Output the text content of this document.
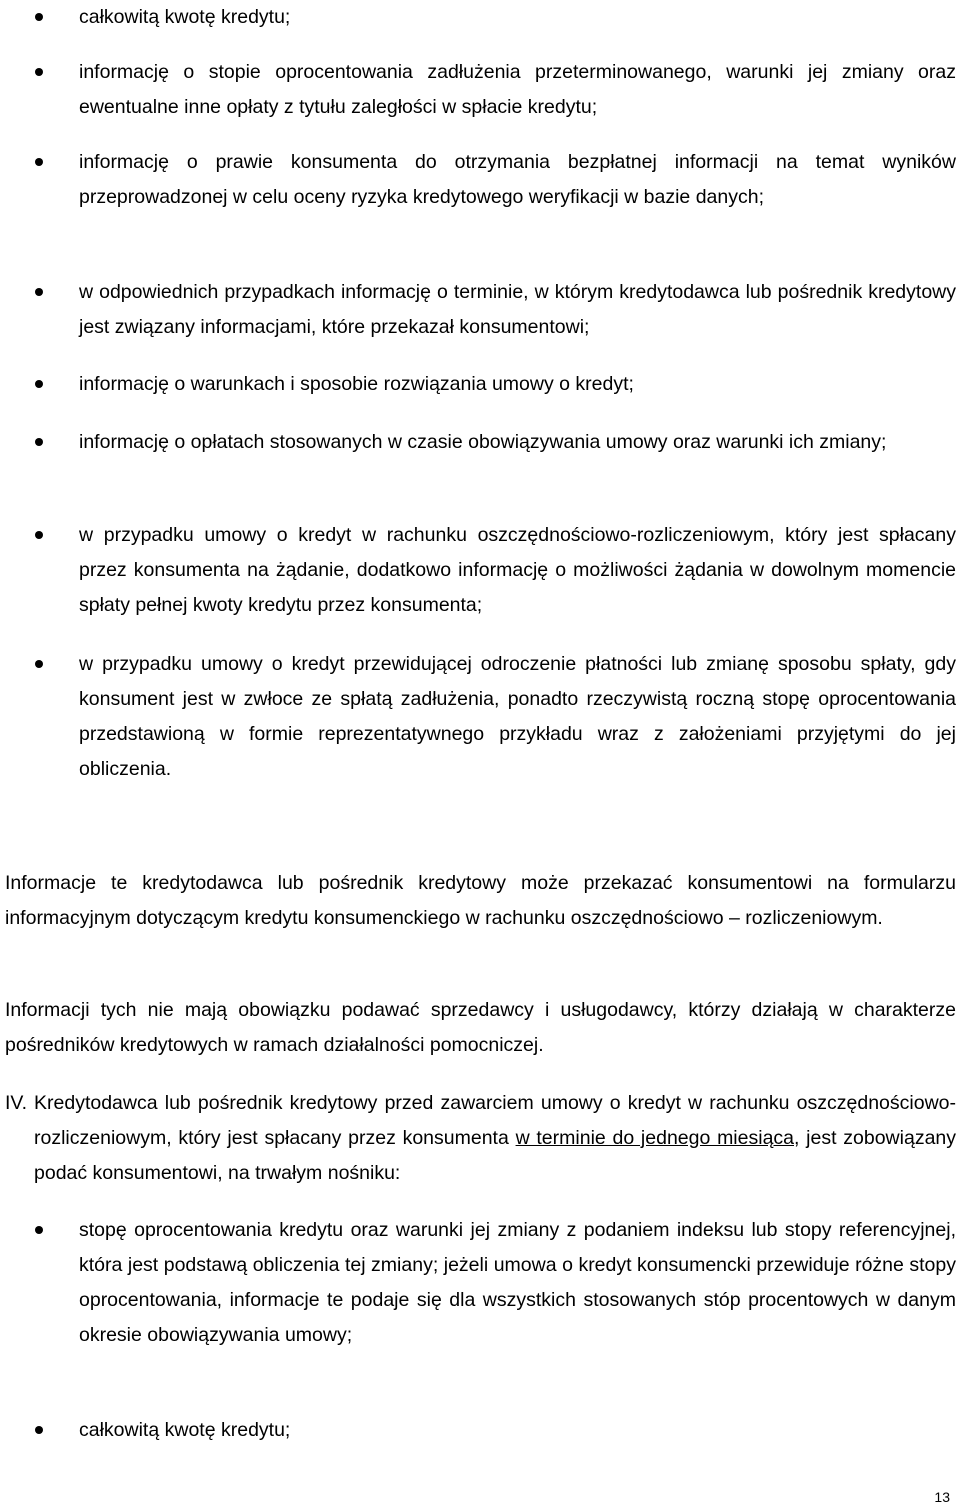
całkowitą kwotę kredytu;
informację o stopie oprocentowania zadłużenia przeterminowanego, warunki jej zmiany oraz ewentualne inne opłaty z tytułu zaległości w spłacie kredytu;
informację o prawie konsumenta do otrzymania bezpłatnej informacji na temat wyników przeprowadzonej w celu oceny ryzyka kredytowego weryfikacji w bazie danych;
w odpowiednich przypadkach informację o terminie, w którym kredytodawca lub pośrednik kredytowy jest związany informacjami, które przekazał konsumentowi;
informację o warunkach i sposobie rozwiązania umowy o kredyt;
informację o opłatach stosowanych w czasie obowiązywania umowy oraz warunki ich zmiany;
w przypadku umowy o kredyt w rachunku oszczędnościowo-rozliczeniowym, który jest spłacany przez konsumenta na żądanie, dodatkowo informację o możliwości żądania w dowolnym momencie spłaty pełnej kwoty kredytu przez konsumenta;
w przypadku umowy o kredyt przewidującej odroczenie płatności lub zmianę sposobu spłaty, gdy konsument jest w zwłoce ze spłatą zadłużenia, ponadto rzeczywistą roczną stopę oprocentowania przedstawioną w formie reprezentatywnego przykładu wraz z założeniami przyjętymi do jej obliczenia.

Informacje te kredytodawca lub pośrednik kredytowy może przekazać konsumentowi na formularzu informacyjnym dotyczącym kredytu konsumenckiego w rachunku oszczędnościowo – rozliczeniowym.

Informacji tych nie mają obowiązku podawać sprzedawcy i usługodawcy, którzy działają w charakterze pośredników kredytowych w ramach działalności pomocniczej.

IV. Kredytodawca lub pośrednik kredytowy przed zawarciem umowy o kredyt w rachunku oszczędnościowo-rozliczeniowym, który jest spłacany przez konsumenta w terminie do jednego miesiąca, jest zobowiązany podać konsumentowi, na trwałym nośniku:
stopę oprocentowania kredytu oraz warunki jej zmiany z podaniem indeksu lub stopy referencyjnej, która jest podstawą obliczenia tej zmiany; jeżeli umowa o kredyt konsumencki przewiduje różne stopy oprocentowania, informacje te podaje się dla wszystkich stosowanych stóp procentowych w danym okresie obowiązywania umowy;
całkowitą kwotę kredytu;
13
